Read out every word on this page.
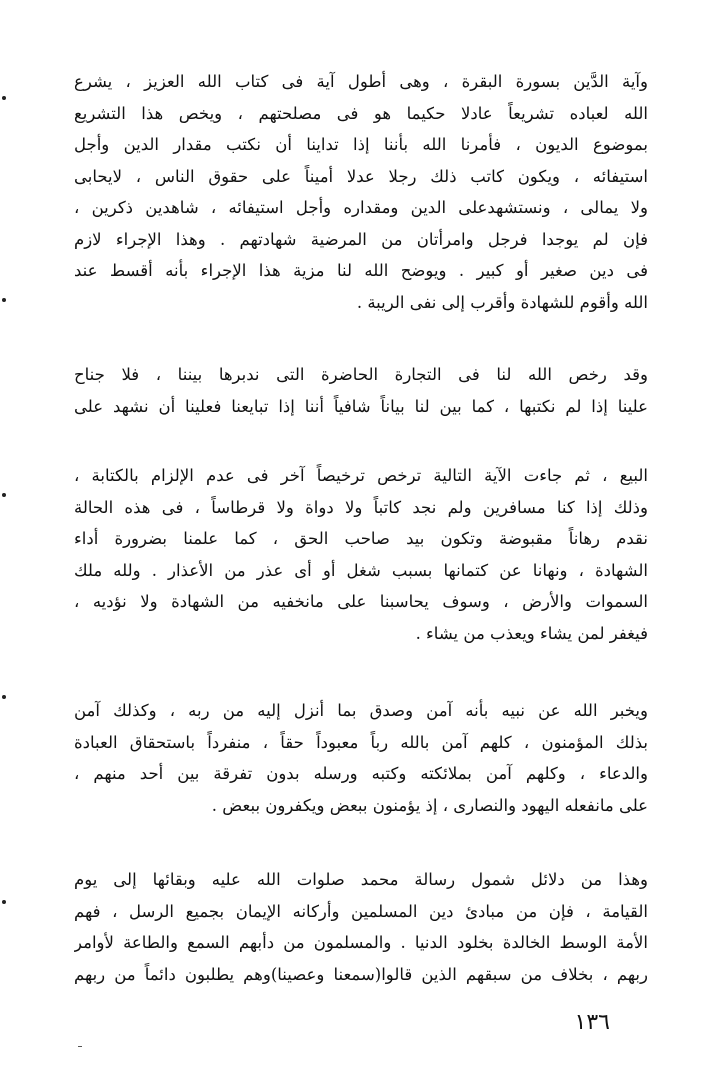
وآية الدَّين بسورة البقرة ، وهى أطول آية فى كتاب الله العزيز ، يشرع
الله لعباده تشريعاً عادلا حكيما هو فى مصلحتهم ، ويخص هذا التشريع
بموضوع الديون ، فأمرنا الله بأننا إذا تداينا أن نكتب مقدار الدين وأجل
استيفائه ، ويكون كاتب ذلك رجلا عدلا أميناً على حقوق الناس ، لايحابى
ولا يمالى ، ونستشهدعلى الدين ومقداره وأجل استيفائه ، شاهدين ذكرين ،
فإن لم يوجدا فرجل وامرأتان من المرضية شهادتهم . وهذا الإجراء لازم
فى دين صغير أو كبير . ويوضح الله لنا مزية هذا الإجراء بأنه أقسط عند
الله وأقوم للشهادة وأقرب إلى نفى الريبة .
وقد رخص الله لنا فى التجارة الحاضرة التى ندبرها بيننا ، فلا جناح
علينا إذا لم نكتبها ، كما بين لنا بياناً شافياً أننا إذا تبايعنا فعلينا أن نشهد على
البيع ، ثم جاءت الآية التالية ترخص ترخيصاً آخر فى عدم الإلزام بالكتابة ،
وذلك إذا كنا مسافرين ولم نجد كاتباً ولا دواة ولا قرطاساً ، فى هذه الحالة
نقدم رهاناً مقبوضة وتكون بيد صاحب الحق ، كما علمنا بضرورة أداء
الشهادة ، ونهانا عن كتمانها بسبب شغل أو أى عذر من الأعذار . ولله ملك
السموات والأرض ، وسوف يحاسبنا على مانخفيه من الشهادة ولا نؤديه ،
فيغفر لمن يشاء ويعذب من يشاء .
ويخبر الله عن نبيه بأنه آمن وصدق بما أنزل إليه من ربه ، وكذلك آمن
بذلك المؤمنون ، كلهم آمن بالله رباً معبوداً حقاً ، منفرداً باستحقاق العبادة
والدعاء ، وكلهم آمن بملائكته وكتبه ورسله بدون تفرقة بين أحد منهم ،
على مانفعله اليهود والنصارى ، إذ يؤمنون ببعض ويكفرون ببعض .
وهذا من دلائل شمول رسالة محمد صلوات الله عليه وبقائها إلى يوم
القيامة ، فإن من مبادئ دين المسلمين وأركانه الإيمان بجميع الرسل ، فهم
الأمة الوسط الخالدة بخلود الدنيا . والمسلمون من دأبهم السمع والطاعة لأوامر
ربهم ، بخلاف من سبقهم الذين قالوا(سمعنا وعصينا)وهم يطلبون دائماً من ربهم
١٣٦
